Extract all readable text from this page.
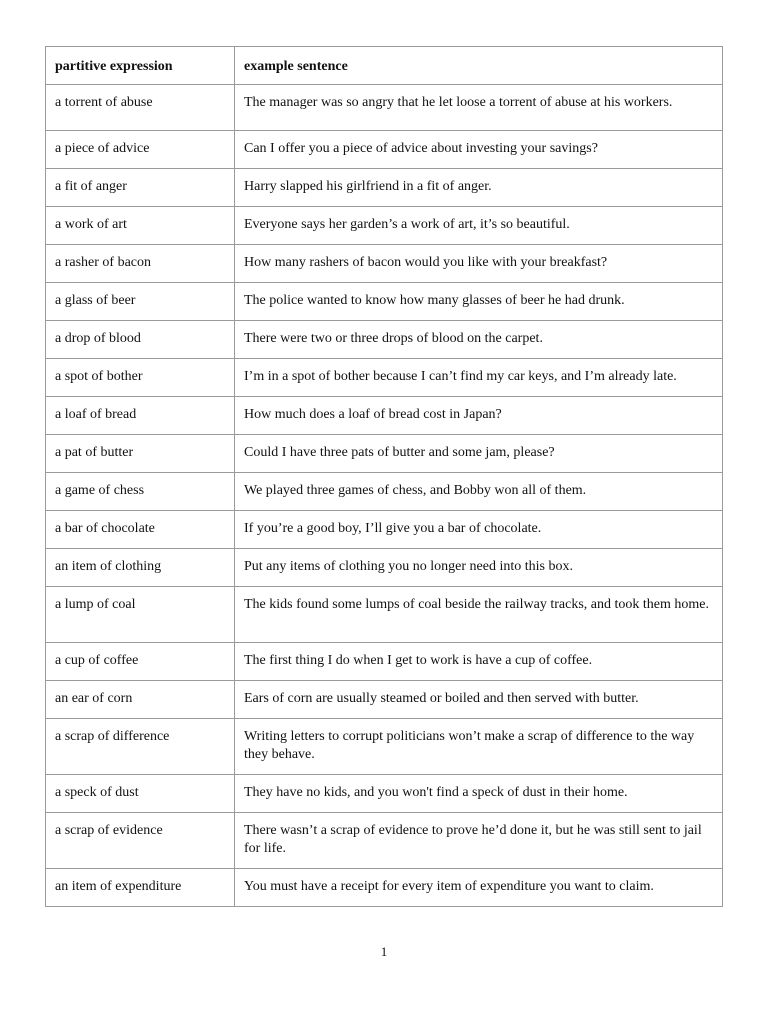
partitive expression	example sentence
a torrent of abuse	The manager was so angry that he let loose a torrent of abuse at his workers.
a piece of advice	Can I offer you a piece of advice about investing your savings?
a fit of anger	Harry slapped his girlfriend in a fit of anger.
a work of art	Everyone says her garden’s a work of art, it’s so beautiful.
a rasher of bacon	How many rashers of bacon would you like with your breakfast?
a glass of beer	The police wanted to know how many glasses of beer he had drunk.
a drop of blood	There were two or three drops of blood on the carpet.
a spot of bother	I’m in a spot of bother because I can’t find my car keys, and I’m already late.
a loaf of bread	How much does a loaf of bread cost in Japan?
a pat of butter	Could I have three pats of butter and some jam, please?
a game of chess	We played three games of chess, and Bobby won all of them.
a bar of chocolate	If you’re a good boy, I’ll give you a bar of chocolate.
an item of clothing	Put any items of clothing you no longer need into this box.
a lump of coal	The kids found some lumps of coal beside the railway tracks, and took them home.
a cup of coffee	The first thing I do when I get to work is have a cup of coffee.
an ear of corn	Ears of corn are usually steamed or boiled and then served with butter.
a scrap of difference	Writing letters to corrupt politicians won’t make a scrap of difference to the way they behave.
a speck of dust	They have no kids, and you won't find a speck of dust in their home.
a scrap of evidence	There wasn’t a scrap of evidence to prove he’d done it, but he was still sent to jail for life.
an item of expenditure	You must have a receipt for every item of expenditure you want to claim.
1
